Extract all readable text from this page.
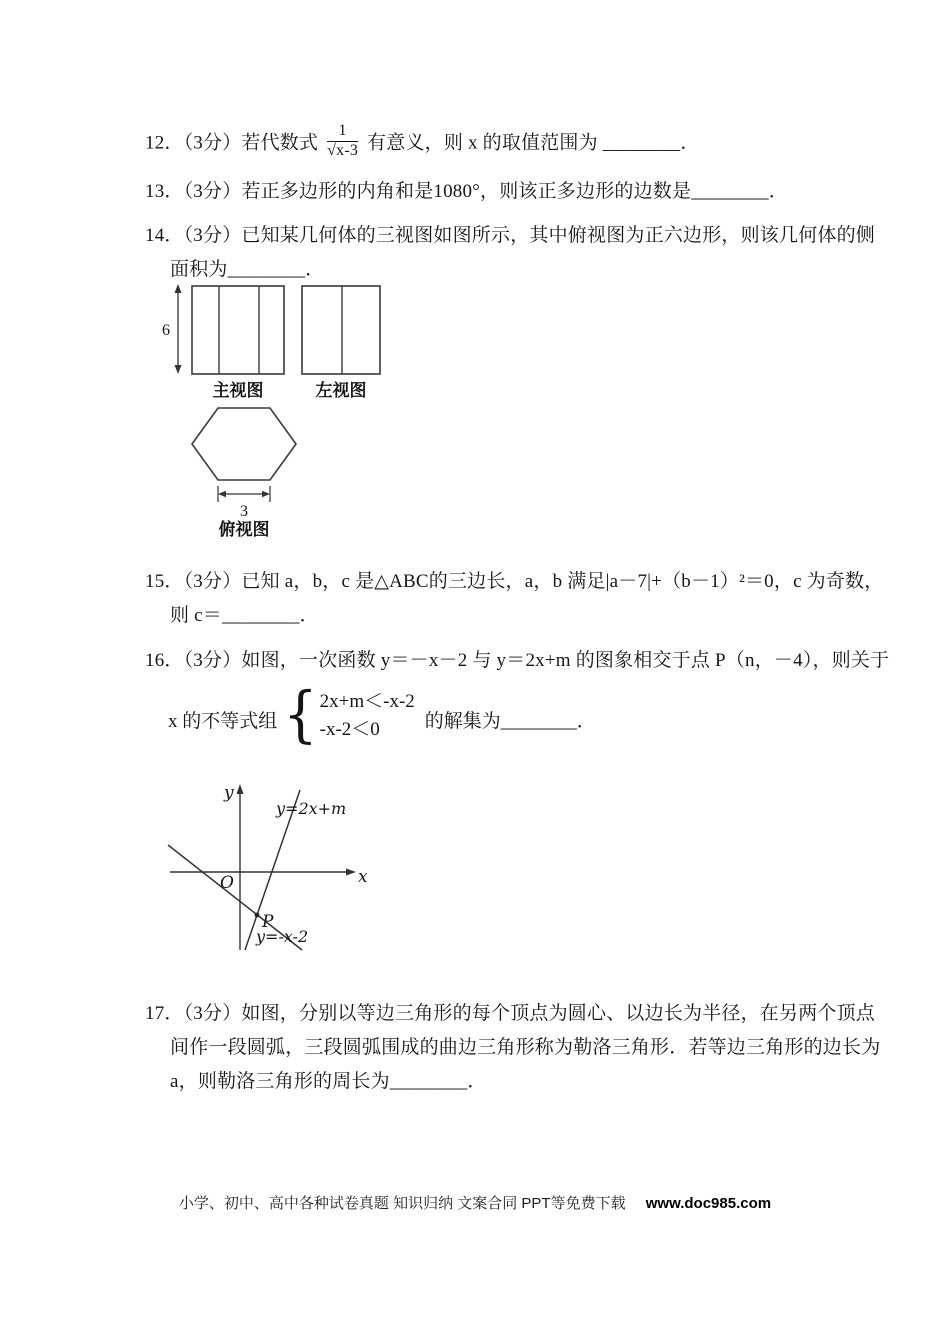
12．（3分）若代数式 $\frac{1}{√x-3}$ 有意义，则 x 的取值范围为 ________．
13．（3分）若正多边形的内角和是1080°，则该正多边形的边数是________．
14．（3分）已知某几何体的三视图如图所示，其中俯视图为正六边形，则该几何体的侧
面积为________．
6
主视图	左视图
3
俯视图
15．（3分）已知 a，b，c 是△ABC的三边长，a，b 满足|a－7|+（b－1）²＝0，c 为奇数，
则 c＝________．
16．（3分）如图，一次函数 y＝－x－2 与 y＝2x+m 的图象相交于点 P（n，－4），则关于
x 的不等式组 { 2x+m＜-x-2
-x-2＜0	的解集为________．
y
x
O
P
y=2x+m
y=-x-2
17．（3分）如图，分别以等边三角形的每个顶点为圆心、以边长为半径，在另两个顶点
间作一段圆弧，三段圆弧围成的曲边三角形称为勒洛三角形．若等边三角形的边长为
a，则勒洛三角形的周长为________．
小学、初中、高中各种试卷真题 知识归纳 文案合同 PPT等免费下载 www.doc985.com
